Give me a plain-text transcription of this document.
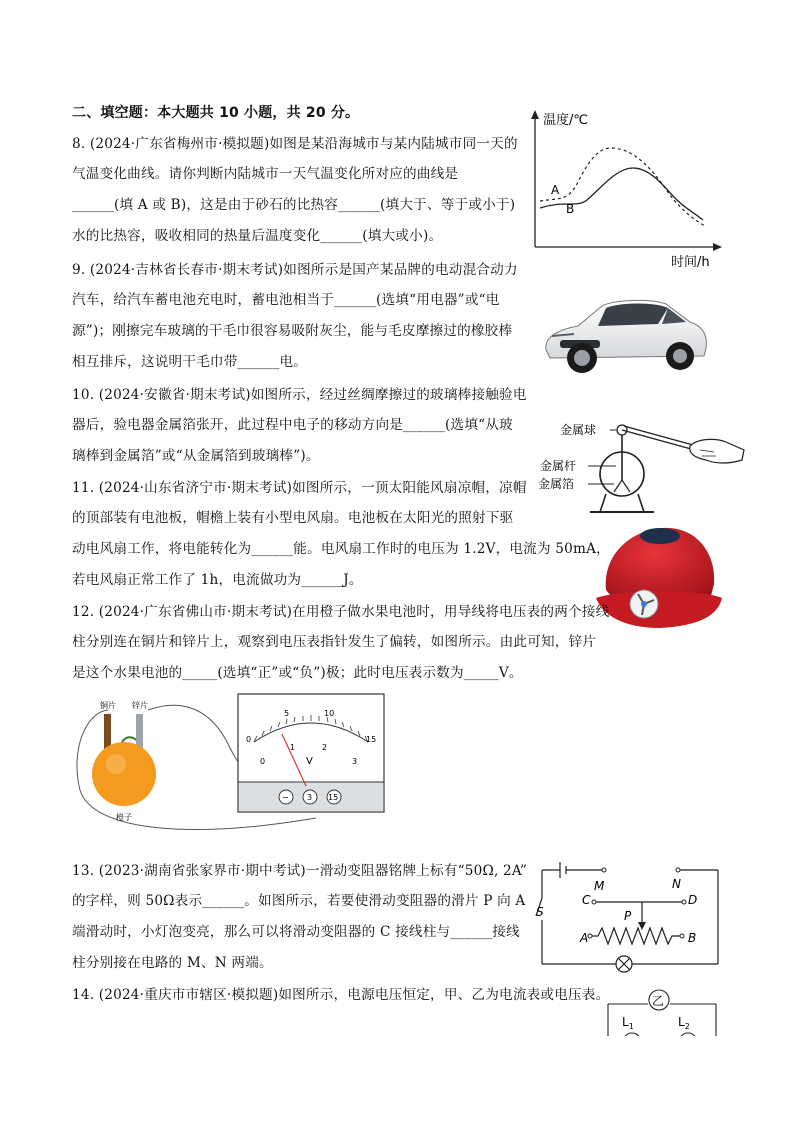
二、填空题：本大题共 10 小题，共 20 分。
8. (2024·广东省梅州市·模拟题)如图是某沿海城市与某内陆城市同一天的
气温变化曲线。请你判断内陆城市一天气温变化所对应的曲线是
______(填 A 或 B)，这是由于砂石的比热容______(填大于、等于或小于)
水的比热容，吸收相同的热量后温度变化______(填大或小)。
温度/℃
时间/h
A
B
9. (2024·吉林省长春市·期末考试)如图所示是国产某品牌的电动混合动力
汽车，给汽车蓄电池充电时，蓄电池相当于______(选填“用电器”或“电
源”)；刚擦完车玻璃的干毛巾很容易吸附灰尘，能与毛皮摩擦过的橡胶棒
相互排斥，这说明干毛巾带______电。
10. (2024·安徽省·期末考试)如图所示，经过丝绸摩擦过的玻璃棒接触验电
器后，验电器金属箔张开，此过程中电子的移动方向是______(选填“从玻
璃棒到金属箔”或“从金属箔到玻璃棒”)。
金属球
金属杆
金属箔
11. (2024·山东省济宁市·期末考试)如图所示，一顶太阳能风扇凉帽，凉帽
的顶部装有电池板，帽檐上装有小型电风扇。电池板在太阳光的照射下驱
动电风扇工作，将电能转化为______能。电风扇工作时的电压为 1.2V，电流为 50mA，
若电风扇正常工作了 1h，电流做功为______J。
12. (2024·广东省佛山市·期末考试)在用橙子做水果电池时，用导线将电压表的两个接线
柱分别连在铜片和锌片上，观察到电压表指针发生了偏转，如图所示。由此可知，锌片
是这个水果电池的_____(选填“正”或“负”)极；此时电压表示数为_____V。
铜片 锌片
橙子
0
5	10
15
0
1	2
3
V
− 3 15
13. (2023·湖南省张家界市·期中考试)一滑动变阻器铭牌上标有“50Ω, 2A”
的字样，则 50Ω表示______。如图所示，若要使滑动变阻器的滑片 P 向 A
端滑动时，小灯泡变亮，那么可以将滑动变阻器的 C 接线柱与______接线
柱分别接在电路的 M、N 两端。
M	N
C	D
P
A	B
S
14. (2024·重庆市市辖区·模拟题)如图所示，电源电压恒定，甲、乙为电流表或电压表。	乙
$L_1$	$L_2$
